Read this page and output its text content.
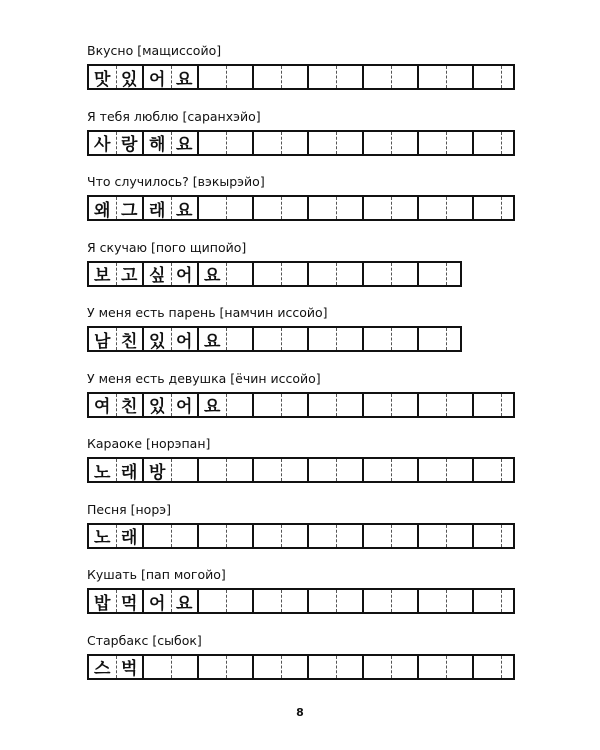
Вкусно [мащиссойо]
맛 있 어 요
Я тебя люблю [саранхэйо]
사 랑 해 요
Что случилось? [вэкырэйо]
왜 그 래 요
Я скучаю [пого щипойо]
보 고 싶 어 요
У меня есть парень [намчин иссойо]
남 친 있 어 요
У меня есть девушка [ёчин иссойо]
여 친 있 어 요
Караоке [норэпан]
노 래 방
Песня [норэ]
노 래
Кушать [пап могойо]
밥 먹 어 요
Старбакс [сыбок]
스 벅
8
